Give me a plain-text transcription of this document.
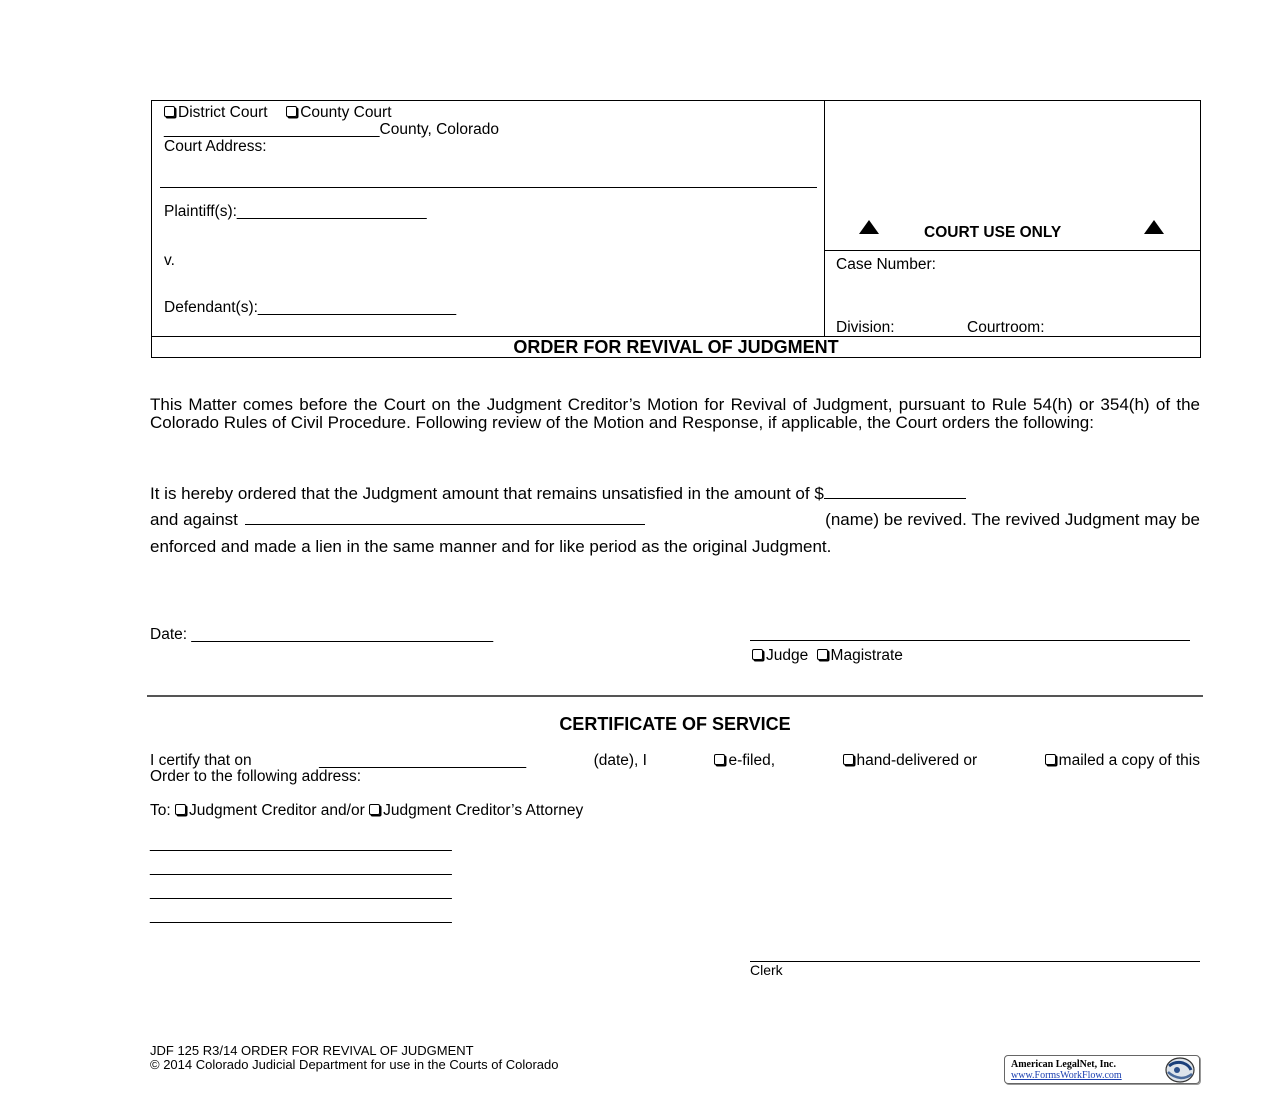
District Court County Court
_________________________County, Colorado
Court Address:
Plaintiff(s):______________________
v.
Defendant(s):_______________________
COURT USE ONLY
Case Number:
Division:	Courtroom:
ORDER FOR REVIVAL OF JUDGMENT
This Matter comes before the Court on the Judgment Creditor’s Motion for Revival of Judgment, pursuant to Rule 54(h) or 354(h) of the Colorado Rules of Civil Procedure. Following review of the Motion and Response, if applicable, the Court orders the following:
It is hereby ordered that the Judgment amount that remains unsatisfied in the amount of $
and against	(name) be revived. The revived Judgment may be
enforced and made a lien in the same manner and for like period as the original Judgment.
Date: ___________________________________
Judge Magistrate
CERTIFICATE OF SERVICE
I certify that on	________________________	(date), I	e-filed,	hand-delivered or	mailed a copy of this
Order to the following address:
To: Judgment Creditor and/or Judgment Creditor’s Attorney
___________________________________
___________________________________
___________________________________
___________________________________
Clerk
JDF 125 R3/14 ORDER FOR REVIVAL OF JUDGMENT
© 2014 Colorado Judicial Department for use in the Courts of Colorado	American LegalNet, Inc.
www.FormsWorkFlow.com
